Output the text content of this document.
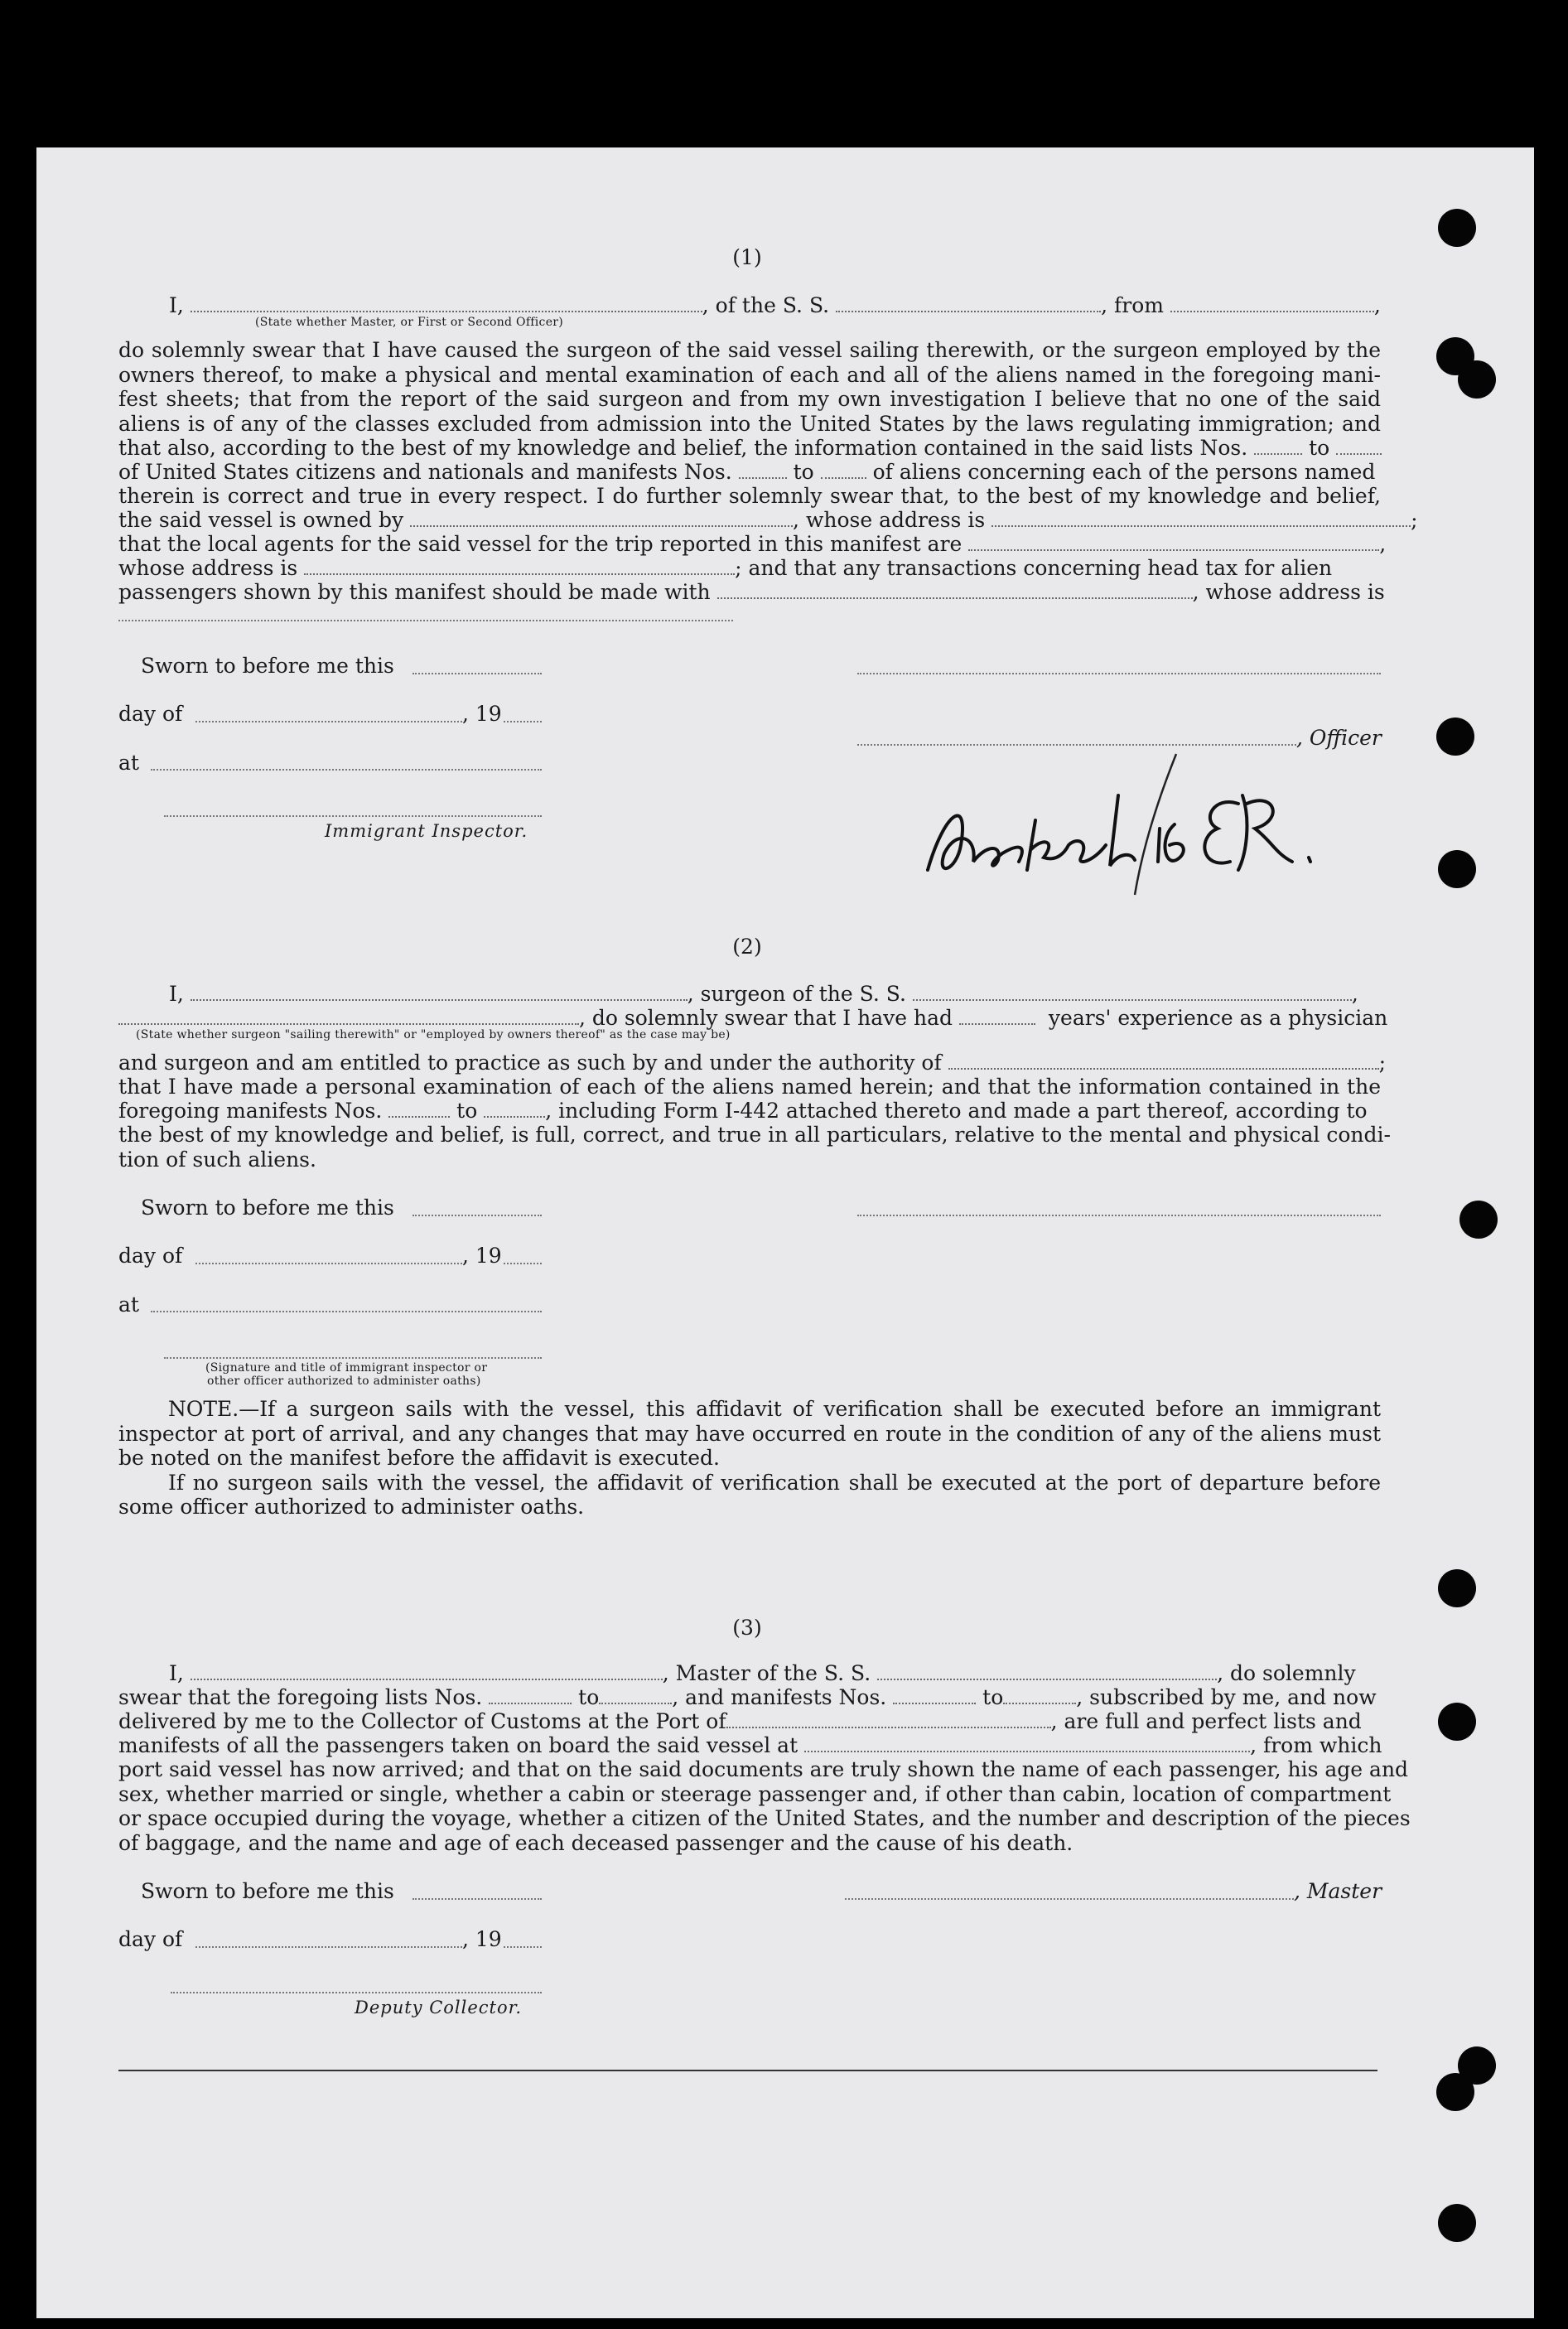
(1)
I,	, of the S. S.	, from	,
(State whether Master, or First or Second Officer)
do solemnly swear that I have caused the surgeon of the said vessel sailing therewith, or the surgeon employed by the
owners thereof, to make a physical and mental examination of each and all of the aliens named in the foregoing mani-
fest sheets; that from the report of the said surgeon and from my own investigation I believe that no one of the said
aliens is of any of the classes excluded from admission into the United States by the laws regulating immigration; and
that also, according to the best of my knowledge and belief, the information contained in the said lists Nos.	to
of United States citizens and nationals and manifests Nos.	to	of aliens concerning each of the persons named
therein is correct and true in every respect. I do further solemnly swear that, to the best of my knowledge and belief,
the said vessel is owned by	, whose address is	;
that the local agents for the said vessel for the trip reported in this manifest are	,
whose address is	; and that any transactions concerning head tax for alien
passengers shown by this manifest should be made with	, whose address is
Sworn to before me this
day of	, 19
, Officer
at
Immigrant Inspector.
(2)
I,	, surgeon of the S. S.	,
, do solemnly swear that I have had	years' experience as a physician
(State whether surgeon "sailing therewith" or "employed by owners thereof" as the case may be)
and surgeon and am entitled to practice as such by and under the authority of	;
that I have made a personal examination of each of the aliens named herein; and that the information contained in the
foregoing manifests Nos.	to	, including Form I-442 attached thereto and made a part thereof, according to
the best of my knowledge and belief, is full, correct, and true in all particulars, relative to the mental and physical condi-
tion of such aliens.
Sworn to before me this
day of	, 19
at
(Signature and title of immigrant inspector or
other officer authorized to administer oaths)
NOTE.—If a surgeon sails with the vessel, this affidavit of verification shall be executed before an immigrant
inspector at port of arrival, and any changes that may have occurred en route in the condition of any of the aliens must
be noted on the manifest before the affidavit is executed.
If no surgeon sails with the vessel, the affidavit of verification shall be executed at the port of departure before
some officer authorized to administer oaths.
(3)
I,	, Master of the S. S.	, do solemnly
swear that the foregoing lists Nos.	to	, and manifests Nos.	to	, subscribed by me, and now
delivered by me to the Collector of Customs at the Port of	, are full and perfect lists and
manifests of all the passengers taken on board the said vessel at	, from which
port said vessel has now arrived; and that on the said documents are truly shown the name of each passenger, his age and
sex, whether married or single, whether a cabin or steerage passenger and, if other than cabin, location of compartment
or space occupied during the voyage, whether a citizen of the United States, and the number and description of the pieces
of baggage, and the name and age of each deceased passenger and the cause of his death.
Sworn to before me this	, Master
day of	, 19
Deputy Collector.
